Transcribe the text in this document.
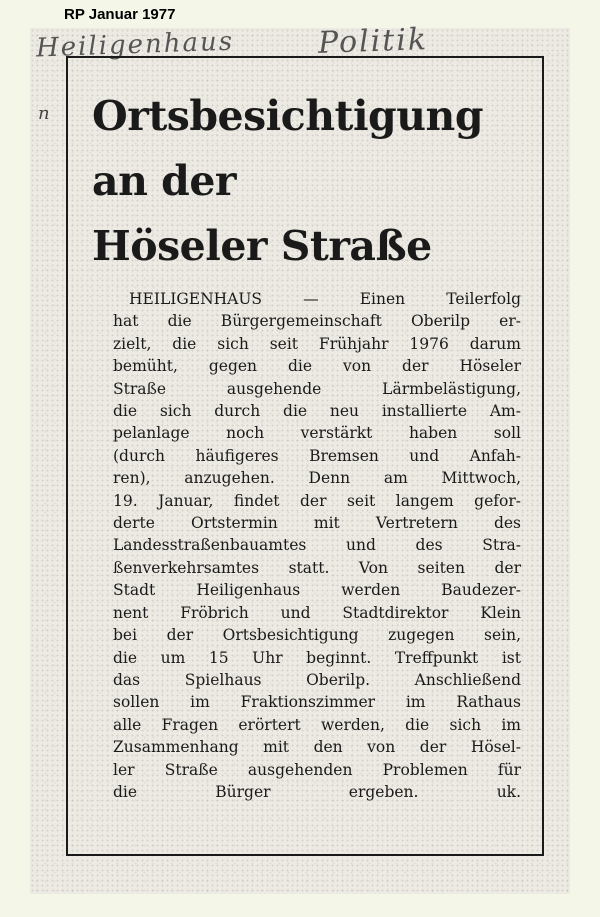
RP Januar 1977
Heiligenhaus	Politik
n Ortsbesichtigung
an der
Höseler Straße

HEILIGENHAUS — Einen Teilerfolg
hat die Bürgergemeinschaft Oberilp er-
zielt, die sich seit Frühjahr 1976 darum
bemüht, gegen die von der Höseler
Straße ausgehende Lärmbelästigung,
die sich durch die neu installierte Am-
pelanlage noch verstärkt haben soll
(durch häufigeres Bremsen und Anfah-
ren), anzugehen. Denn am Mittwoch,
19. Januar, findet der seit langem gefor-
derte Ortstermin mit Vertretern des
Landesstraßenbauamtes und des Stra-
ßenverkehrsamtes statt. Von seiten der
Stadt Heiligenhaus werden Baudezer-
nent Fröbrich und Stadtdirektor Klein
bei der Ortsbesichtigung zugegen sein,
die um 15 Uhr beginnt. Treffpunkt ist
das Spielhaus Oberilp. Anschließend
sollen im Fraktionszimmer im Rathaus
alle Fragen erörtert werden, die sich im
Zusammenhang mit den von der Hösel-
ler Straße ausgehenden Problemen für
die Bürger ergeben. uk.
